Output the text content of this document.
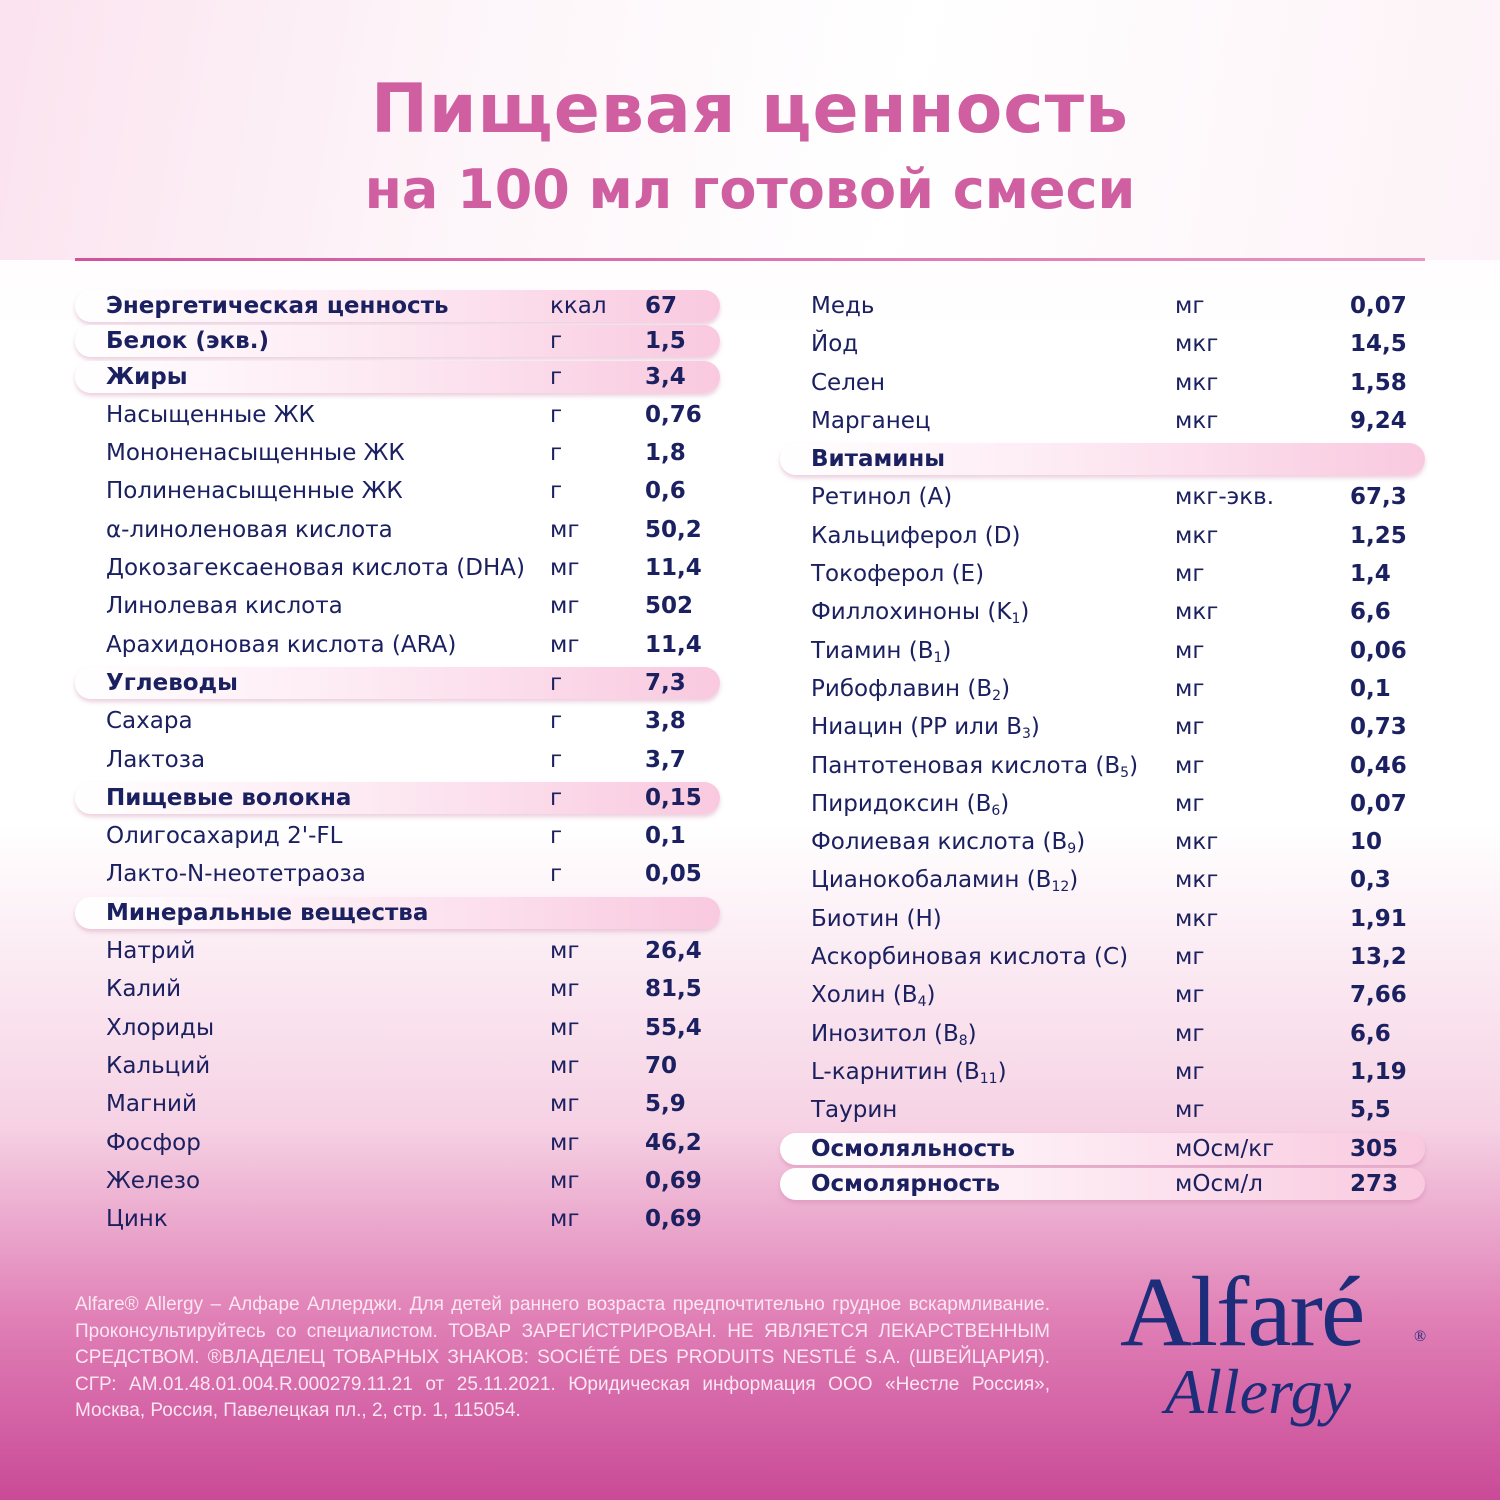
Пищевая ценность
на 100 мл готовой смеси
Энергетическая ценность	ккал 67
Белок (экв.)	г	1,5
Жиры	г	3,4
Насыщенные ЖК	г	0,76
Мононенасыщенные ЖК	г	1,8
Полиненасыщенные ЖК	г	0,6
α-линоленовая кислота	мг	50,2
Докозагексаеновая кислота (DHA) мг	11,4
Линолевая кислота	мг	502
Арахидоновая кислота (ARA)	мг	11,4
Углеводы	г	7,3
Сахара	г	3,8
Лактоза	г	3,7
Пищевые волокна	г	0,15
Олигосахарид 2'-FL	г	0,1
Лакто-N-неотетраоза	г	0,05
Минеральные вещества
Натрий	мг	26,4
Калий	мг	81,5
Хлориды	мг	55,4
Кальций	мг	70
Магний	мг	5,9
Фосфор	мг	46,2
Железо	мг	0,69
Цинк	мг	0,69
Медь	мг	0,07
Йод	мкг	14,5
Селен	мкг	1,58
Марганец	мкг	9,24
Витамины
Ретинол (А)	мкг-экв.	67,3
Кальциферол (D)	мкг	1,25
Токоферол (Е)	мг	1,4
Филлохиноны $(K_1)$	мкг	6,6
Тиамин $(B_1)$	мг	0,06
Рибофлавин $(B_2)$	мг	0,1
Ниацин (PP или $B_3$)	мг	0,73
Пантотеновая кислота $(B_5)$ мг	0,46
Пиридоксин $(B_6)$	мг	0,07
Фолиевая кислота $(B_9)$	мкг	10
Цианокобаламин $(B_{12})$	мкг	0,3
Биотин (H)	мкг	1,91
Аскорбиновая кислота (C) мг	13,2
Холин $(B_4)$	мг	7,66
Инозитол $(B_8)$	мг	6,6
L-карнитин $(B_{11})$	мг	1,19
Таурин	мг	5,5
Осмоляльность	мОсм/кг	305
Осмолярность	мОсм/л	273

Alfare® Allergy – Алфаре Аллерджи. Для детей раннего возраста предпочтительно грудное вскармливание. Проконсультируйтесь со специалистом. ТОВАР ЗАРЕГИСТРИРОВАН. НЕ ЯВЛЯЕТСЯ ЛЕКАРСТВЕННЫМ СРЕДСТВОМ. ®ВЛАДЕЛЕЦ ТОВАРНЫХ ЗНАКОВ: SOCIÉTÉ DES PRODUITS NESTLÉ S.A. (ШВЕЙЦАРИЯ). СГР: AM.01.48.01.004.R.000279.11.21 от 25.11.2021. Юридическая информация ООО «Нестле Россия», Москва, Россия, Павелецкая пл., 2, стр. 1, 115054.

Alfaré	®
Allergy
